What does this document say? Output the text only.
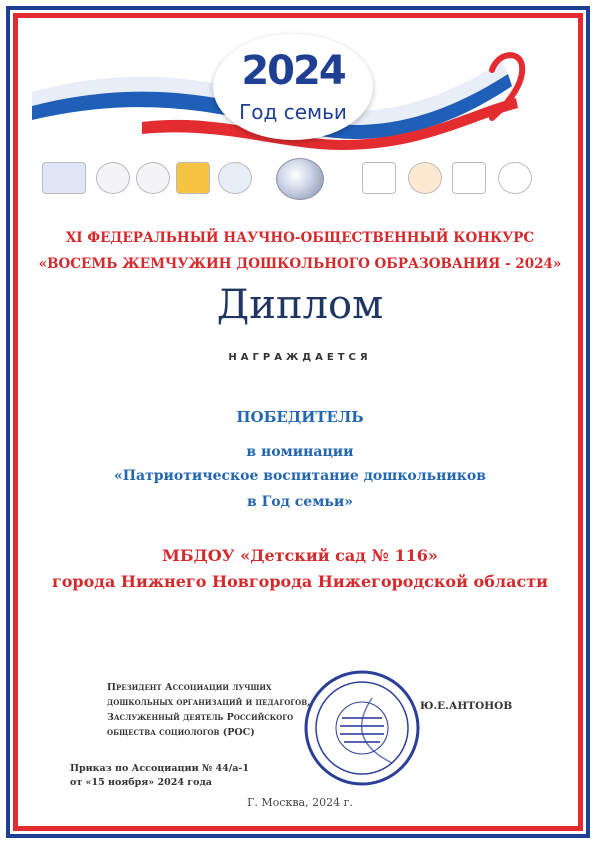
2024
Год семьи
XI ФЕДЕРАЛЬНЫЙ НАУЧНО-ОБЩЕСТВЕННЫЙ КОНКУРС
«ВОСЕМЬ ЖЕМЧУЖИН ДОШКОЛЬНОГО ОБРАЗОВАНИЯ - 2024»
Диплом
НАГРАЖДАЕТСЯ
ПОБЕДИТЕЛЬ
в номинации
«Патриотическое воспитание дошкольников
в Год семьи»
МБДОУ «Детский сад № 116»
города Нижнего Новгорода Нижегородской области
Президент Ассоциации лучших
дошкольных организаций и педагогов,
Заслуженный деятель Российского
общества социологов (РОС)
Ю.Е.АНТОНОВ
Приказ по Ассоциации № 44/а-1
от «15 ноября» 2024 года
Г. Москва, 2024 г.
